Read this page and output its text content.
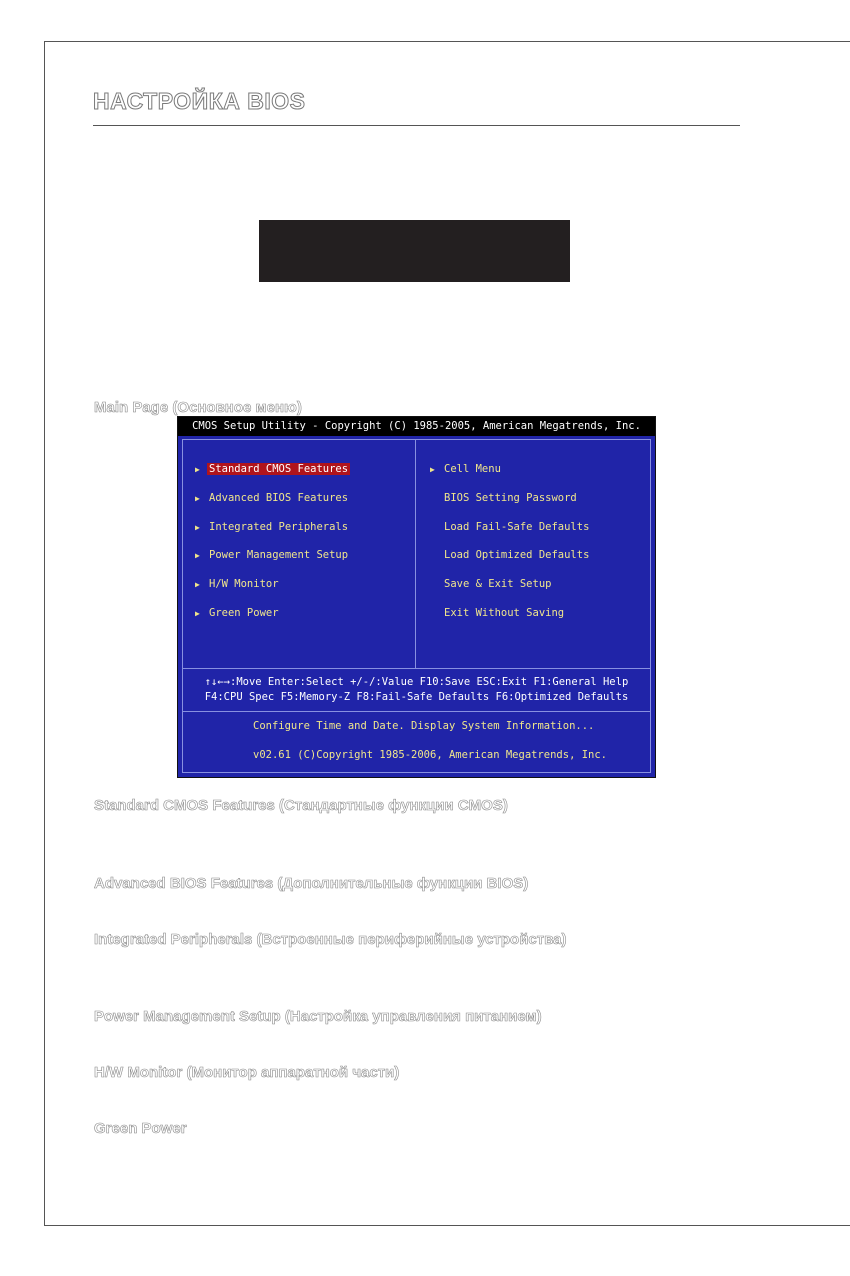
НАСТРОЙКА BIOS
Main Page (Основное меню)
CMOS Setup Utility - Copyright (C) 1985-2005, American Megatrends, Inc.
▶ Standard CMOS Features
▶ Advanced BIOS Features
▶ Integrated Peripherals
▶ Power Management Setup
▶ H/W Monitor
▶ Green Power
▶ Cell Menu
BIOS Setting Password
Load Fail-Safe Defaults
Load Optimized Defaults
Save & Exit Setup
Exit Without Saving
↑↓←→:Move Enter:Select +/-/:Value F10:Save ESC:Exit F1:General Help
F4:CPU Spec F5:Memory-Z F8:Fail-Safe Defaults F6:Optimized Defaults
Configure Time and Date. Display System Information...
v02.61 (C)Copyright 1985-2006, American Megatrends, Inc.
Standard CMOS Features (Стандартные функции CMOS)
Advanced BIOS Features (Дополнительные функции BIOS)
Integrated Peripherals (Встроенные периферийные устройства)
Power Management Setup (Настройка управления питанием)
H/W Monitor (Монитор аппаратной части)
Green Power
